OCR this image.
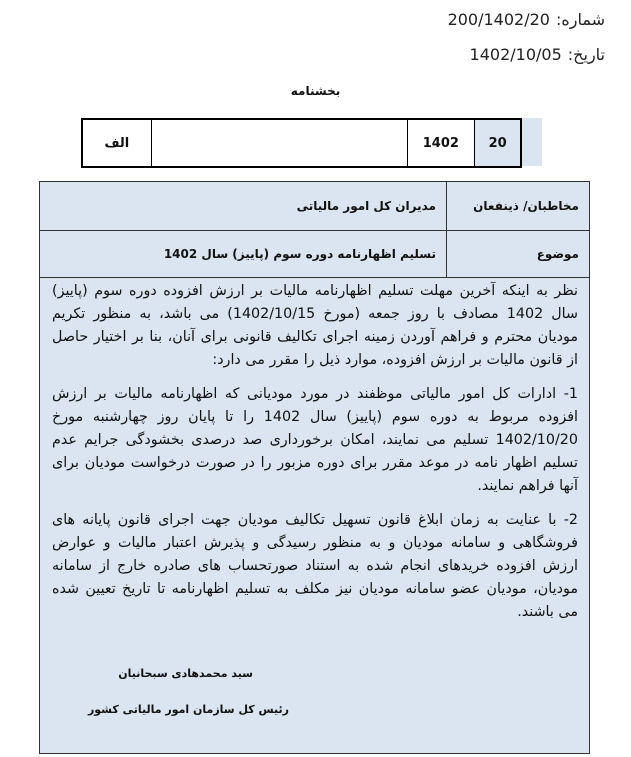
شماره:200/1402/20
تاریخ:1402/10/05
بخشنامه
20
1402
الف
مخاطبان/ ذینفعان
مدیران کل امور مالیاتی
موضوع
تسلیم اظهارنامه دوره سوم (پاییز) سال 1402

نظر به اینکه آخرین مهلت تسلیم اظهارنامه مالیات بر ارزش افزوده دوره سوم (پاییز) سال 1402 مصادف با روز جمعه (مورخ 1402/10/15) می باشد، به منظور تکریم مودیان محترم و فراهم آوردن زمینه اجرای تکالیف قانونی برای آنان، بنا بر اختیار حاصل از قانون مالیات بر ارزش افزوده، موارد ذیل را مقرر می دارد:

1- ادارات کل امور مالیاتی موظفند در مورد مودیانی که اظهارنامه مالیات بر ارزش افزوده مربوط به دوره سوم (پاییز) سال 1402 را تا پایان روز چهارشنبه مورخ 1402/10/20 تسلیم می نمایند، امکان برخورداری صد درصدی بخشودگی جرایم عدم تسلیم اظهار نامه در موعد مقرر برای دوره مزبور را در صورت درخواست مودیان برای آنها فراهم نمایند.

2- با عنایت به زمان ابلاغ قانون تسهیل تکالیف مودیان جهت اجرای قانون پایانه های فروشگاهی و سامانه مودیان و به منظور رسیدگی و پذیرش اعتبار مالیات و عوارض ارزش افزوده خریدهای انجام شده به استناد صورتحساب های صادره خارج از سامانه مودیان، مودیان عضو سامانه مودیان نیز مکلف به تسلیم اظهارنامه تا تاریخ تعیین شده می باشند.

سید محمدهادی سبحانیان
رئیس کل سازمان امور مالیاتی کشور
